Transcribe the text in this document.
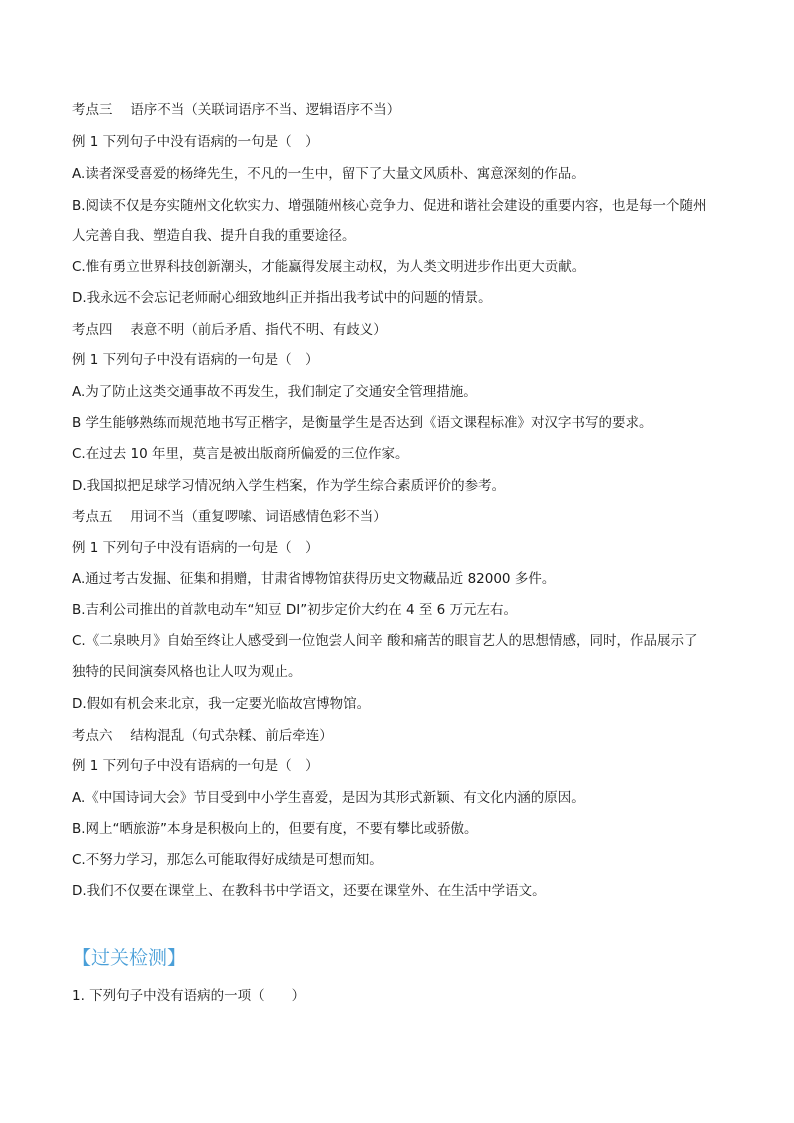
考点三　 语序不当（关联词语序不当、逻辑语序不当）
例 1 下列句子中没有语病的一句是（　）
A.读者深受喜爱的杨绛先生，不凡的一生中，留下了大量文风质朴、寓意深刻的作品。
B.阅读不仅是夯实随州文化软实力、增强随州核心竞争力、促进和谐社会建设的重要内容，也是每一个随州
人完善自我、塑造自我、提升自我的重要途径。
C.惟有勇立世界科技创新潮头，才能赢得发展主动权，为人类文明进步作出更大贡献。
D.我永远不会忘记老师耐心细致地纠正并指出我考试中的问题的情景。
考点四　 表意不明（前后矛盾、指代不明、有歧义）
例 1 下列句子中没有语病的一句是（　）
A.为了防止这类交通事故不再发生，我们制定了交通安全管理措施。
B 学生能够熟练而规范地书写正楷字，是衡量学生是否达到《语文课程标准》对汉字书写的要求。
C.在过去 10 年里，莫言是被出版商所偏爱的三位作家。
D.我国拟把足球学习情况纳入学生档案，作为学生综合素质评价的参考。
考点五　 用词不当（重复啰嗦、词语感情色彩不当）
例 1 下列句子中没有语病的一句是（　）
A.通过考古发掘、征集和捐赠，甘肃省博物馆获得历史文物藏品近 82000 多件。
B.吉利公司推出的首款电动车“知豆 DI”初步定价大约在 4 至 6 万元左右。
C.《二泉映月》自始至终让人感受到一位饱尝人间辛 酸和痛苦的眼盲艺人的思想情感，同时，作品展示了
独特的民间演奏风格也让人叹为观止。
D.假如有机会来北京，我一定要光临故宫博物馆。
考点六　 结构混乱（句式杂糅、前后牵连）
例 1 下列句子中没有语病的一句是（　）
A.《中国诗词大会》节目受到中小学生喜爱，是因为其形式新颖、有文化内涵的原因。
B.网上“晒旅游”本身是积极向上的，但要有度，不要有攀比或骄傲。
C.不努力学习，那怎么可能取得好成绩是可想而知。
D.我们不仅要在课堂上、在教科书中学语文，还要在课堂外、在生活中学语文。
【过关检测】
1. 下列句子中没有语病的一项（　　）
